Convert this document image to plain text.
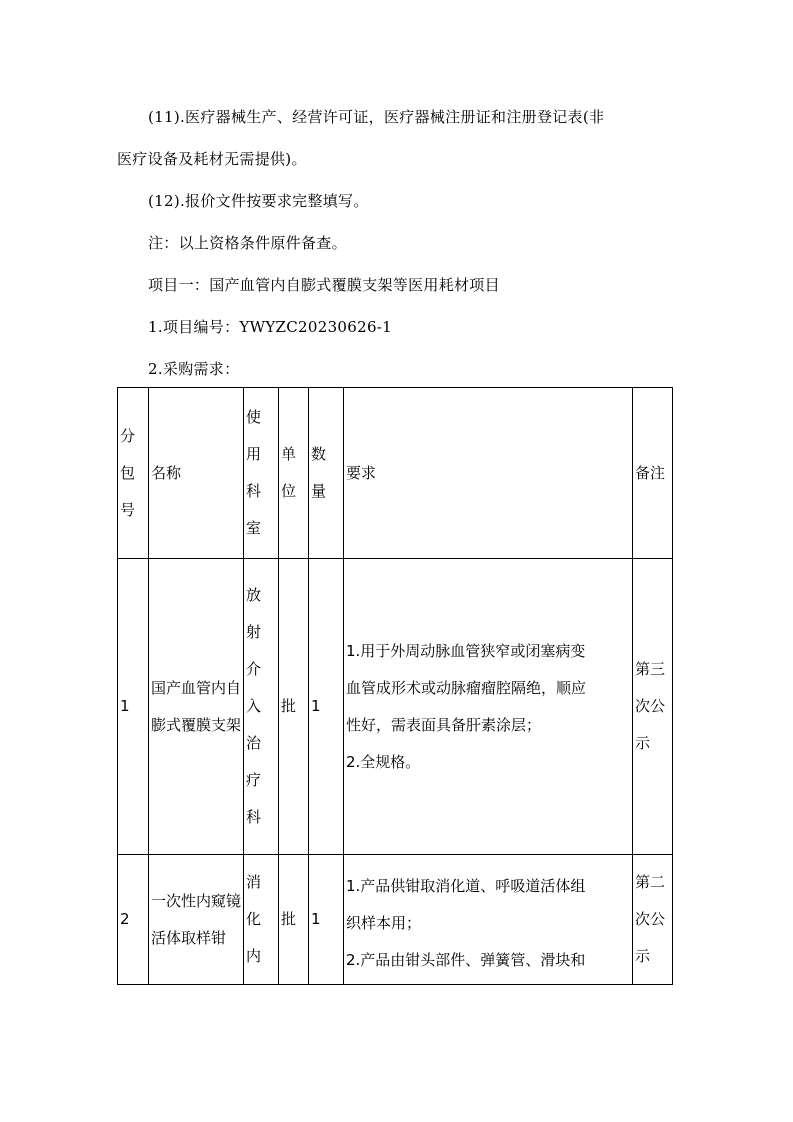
(11).医疗器械生产、经营许可证，医疗器械注册证和注册登记表(非
医疗设备及耗材无需提供)。
(12).报价文件按要求完整填写。
注：以上资格条件原件备查。
项目一：国产血管内自膨式覆膜支架等医用耗材项目
1.项目编号：YWYZC20230626-1
2.采购需求：
分包号	名称	使用科室	单位	数量	要求	备注

1	国产血管内自膨式覆膜支架	放射介入治疗科	批	1	1.用于外周动脉血管狭窄或闭塞病变
血管成形术或动脉瘤瘤腔隔绝，顺应
性好，需表面具备肝素涂层；
2.全规格。	第三次公示

2	一次性内窥镜活体取样钳	消化内	批	1	1.产品供钳取消化道、呼吸道活体组
织样本用；
2.产品由钳头部件、弹簧管、滑块和	第二次公示
